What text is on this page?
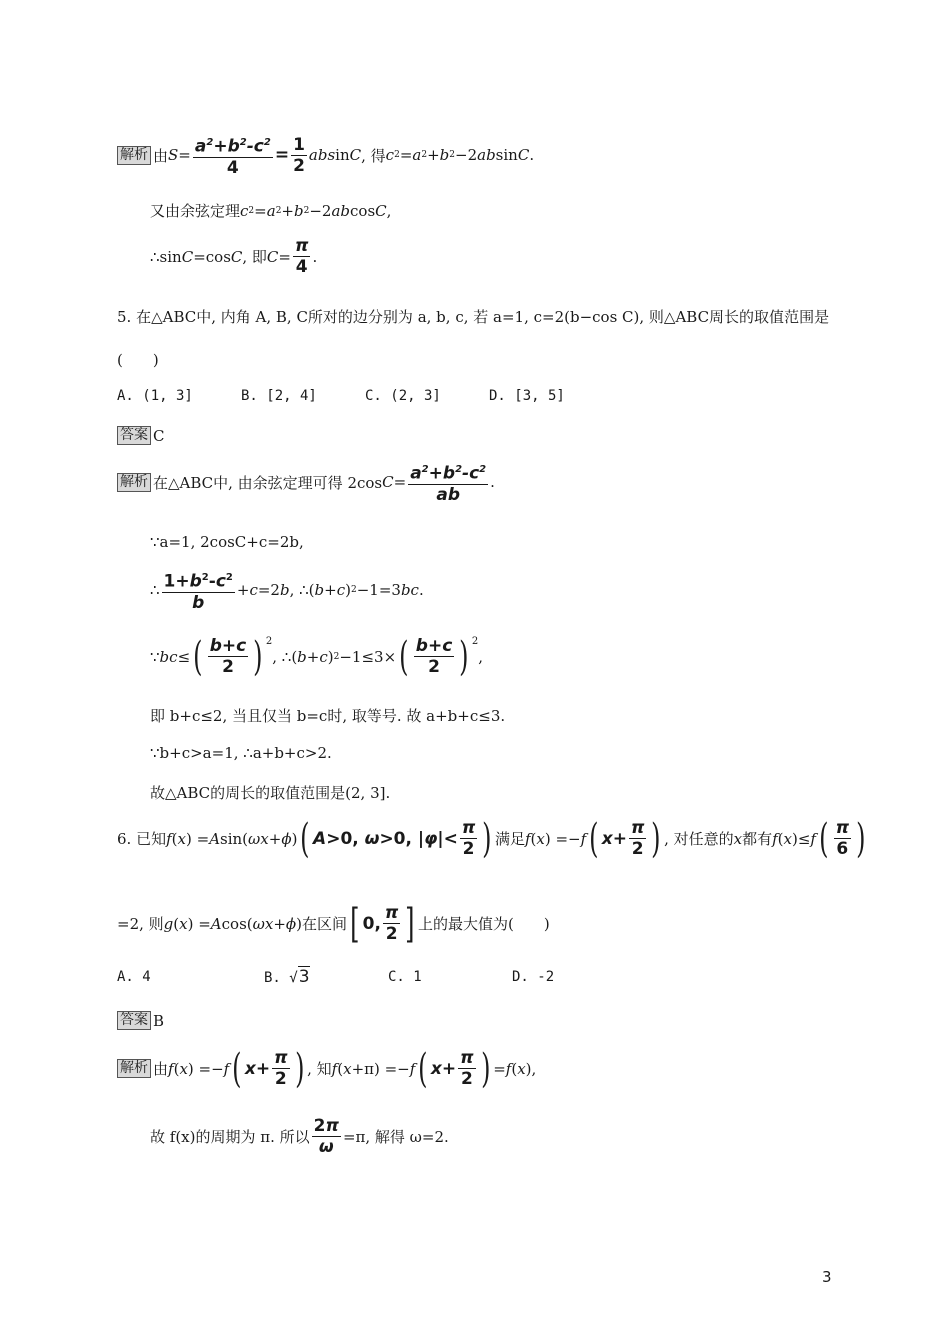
解析 由 $S = \frac{a^2+b^2-c^2}{4} = \frac{1}{2}$ abs in C , 得 c 2 = a 2 + b 2 −2 ab sin C .
又由余弦定理 c 2 = a 2 + b 2 −2 ab cos C ,
∴sin C =cos C , 即 $C = \frac{\pi}{4}$ .
5. 在△ABC中, 内角 A, B, C所对的边分别为 a, b, c, 若 a=1, c=2(b−cos C), 则△ABC周长的取值范围是
(　　)
A. (1, 3]	B. [2, 4]	C. (2, 3]	D. [3, 5]
答案 C
解析 在△ABC中, 由余弦定理可得 2cos $C = \frac{a^2+b^2-c^2}{ab}$ .
∵a=1, 2cosC+c=2b,
∴ $\frac{1+b^2-c^2}{b} + c =2$ b , ∴( b + c ) 2 −1=3 bc .
∵ bc ≤ ( $\frac{b+c}{2}$ ) $^2$
, ∴( b + c ) 2 −1≤3× ( $\frac{b+c}{2}$ ) $^2$
,
即 b+c≤2, 当且仅当 b=c时, 取等号. 故 a+b+c≤3.
∵b+c>a=1, ∴a+b+c>2.
故△ABC的周长的取值范围是(2, 3].
6. 已知 f ( x ) = A sin( ωx + ϕ ) ( A>0, ω>0, $|\varphi|< \frac{\pi}{2}$ ) 满足 f ( x ) =− f ( $x + \frac{\pi}{2}$ ) , 对任意的 x 都有 f ( x )≤ f ( $\frac{\pi}{6}$ )
=2, 则 g ( x ) = A cos( ωx + ϕ )在区间 [ 0, $\frac{\pi}{2}$ ] 上的最大值为(　　)
A. 4	B. √3	C. 1	D. -2
答案 B
解析 由 f ( x ) =− f ( $x + \frac{\pi}{2}$ ) , 知 f ( x +π) =− f ( $x + \frac{\pi}{2}$ ) = f ( x ),
故 f(x)的周期为 π. 所以 $\frac{2\pi}{\omega} =\pi$, 解得 ω=2.
3
